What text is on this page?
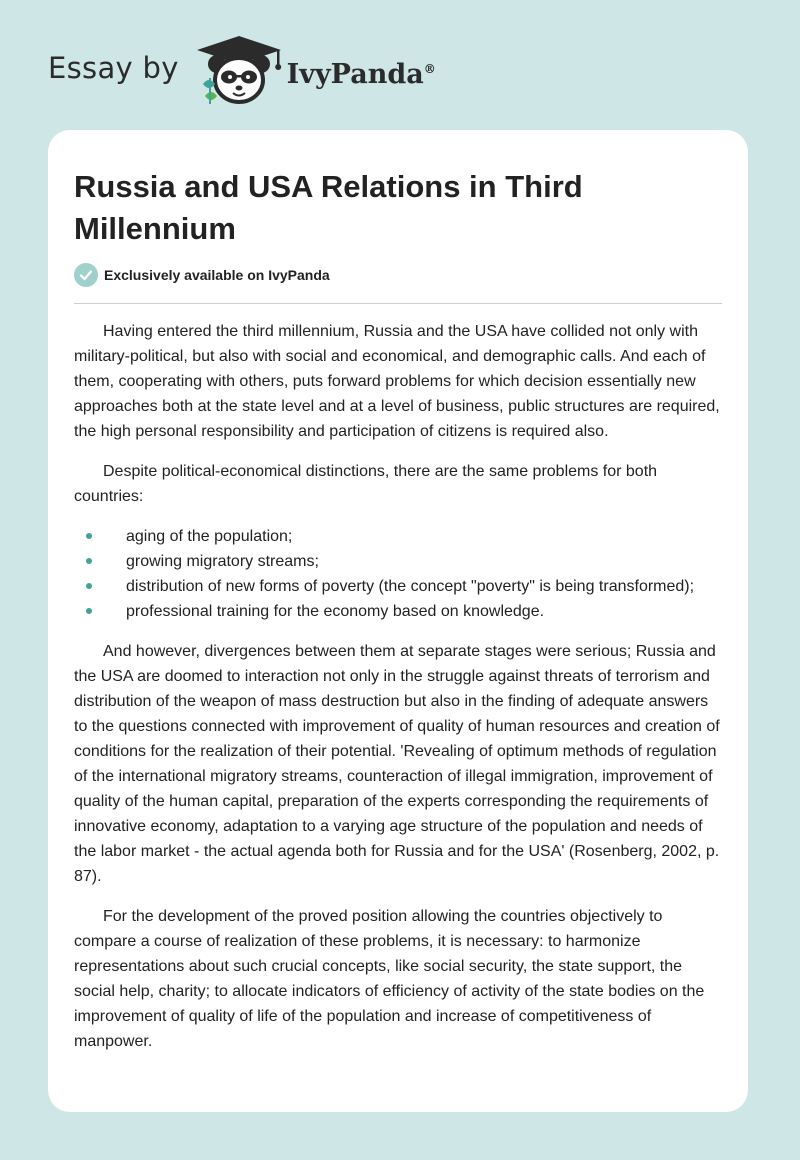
Essay by	IvyPanda®
Russia and USA Relations in Third Millennium
Exclusively available on IvyPanda

Having entered the third millennium, Russia and the USA have collided not only with military-political, but also with social and economical, and demographic calls. And each of them, cooperating with others, puts forward problems for which decision essentially new approaches both at the state level and at a level of business, public structures are required, the high personal responsibility and participation of citizens is required also.

Despite political-economical distinctions, there are the same problems for both countries:

aging of the population;
growing migratory streams;
distribution of new forms of poverty (the concept "poverty" is being transformed);
professional training for the economy based on knowledge.

And however, divergences between them at separate stages were serious; Russia and the USA are doomed to interaction not only in the struggle against threats of terrorism and distribution of the weapon of mass destruction but also in the finding of adequate answers to the questions connected with improvement of quality of human resources and creation of conditions for the realization of their potential. 'Revealing of optimum methods of regulation of the international migratory streams, counteraction of illegal immigration, improvement of quality of the human capital, preparation of the experts corresponding the requirements of innovative economy, adaptation to a varying age structure of the population and needs of the labor market - the actual agenda both for Russia and for the USA' (Rosenberg, 2002, p. 87).

For the development of the proved position allowing the countries objectively to compare a course of realization of these problems, it is necessary: to harmonize representations about such crucial concepts, like social security, the state support, the social help, charity; to allocate indicators of efficiency of activity of the state bodies on the improvement of quality of life of the population and increase of competitiveness of manpower.
